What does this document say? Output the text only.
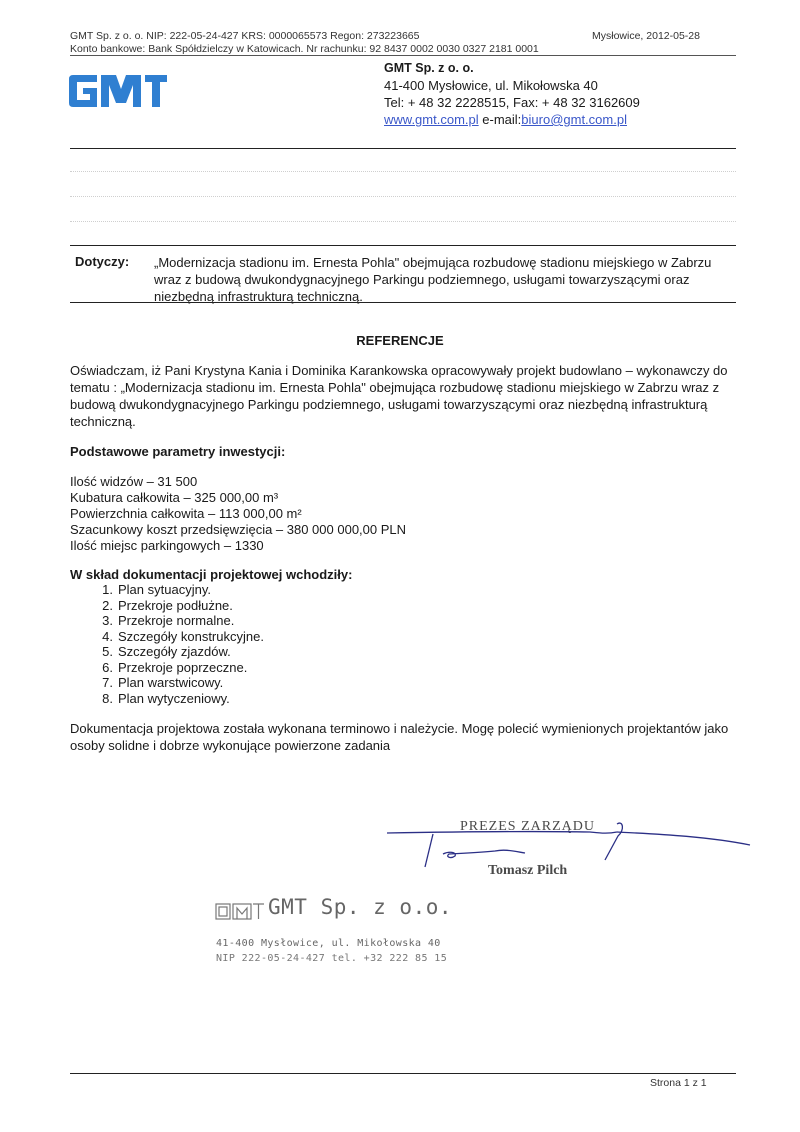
GMT Sp. z o. o. NIP: 222-05-24-427 KRS: 0000065573 Regon: 273223665	Mysłowice, 2012-05-28
Konto bankowe: Bank Spółdzielczy w Katowicach. Nr rachunku: 92 8437 0002 0030 0327 2181 0001
GMT Sp. z o. o.
41-400 Mysłowice, ul. Mikołowska 40
Tel: + 48 32 2228515, Fax: + 48 32 3162609
www.gmt.com.pl e-mail:biuro@gmt.com.pl
Dotyczy: „Modernizacja stadionu im. Ernesta Pohla" obejmująca rozbudowę stadionu miejskiego w Zabrzu wraz z budową dwukondygnacyjnego Parkingu podziemnego, usługami towarzyszącymi oraz niezbędną infrastrukturą techniczną.
REFERENCJE
Oświadczam, iż Pani Krystyna Kania i Dominika Karankowska opracowywały projekt budowlano – wykonawczy do tematu : „Modernizacja stadionu im. Ernesta Pohla" obejmująca rozbudowę stadionu miejskiego w Zabrzu wraz z budową dwukondygnacyjnego Parkingu podziemnego, usługami towarzyszącymi oraz niezbędną infrastrukturą techniczną.
Podstawowe parametry inwestycji:
Ilość widzów – 31 500
Kubatura całkowita – 325 000,00 m³
Powierzchnia całkowita – 113 000,00 m²
Szacunkowy koszt przedsięwzięcia – 380 000 000,00 PLN
Ilość miejsc parkingowych – 1330
W skład dokumentacji projektowej wchodziły:
1. Plan sytuacyjny.
2. Przekroje podłużne.
3. Przekroje normalne.
4. Szczegóły konstrukcyjne.
5. Szczegóły zjazdów.
6. Przekroje poprzeczne.
7. Plan warstwicowy.
8. Plan wytyczeniowy.
Dokumentacja projektowa została wykonana terminowo i należycie. Mogę polecić wymienionych projektantów jako osoby solidne i dobrze wykonujące powierzone zadania
PREZES ZARZĄDU
Tomasz Pilch
GMT Sp. z o.o.
41-400 Mysłowice, ul. Mikołowska 40
NIP 222-05-24-427 tel. +32 222 85 15
Strona 1 z 1
